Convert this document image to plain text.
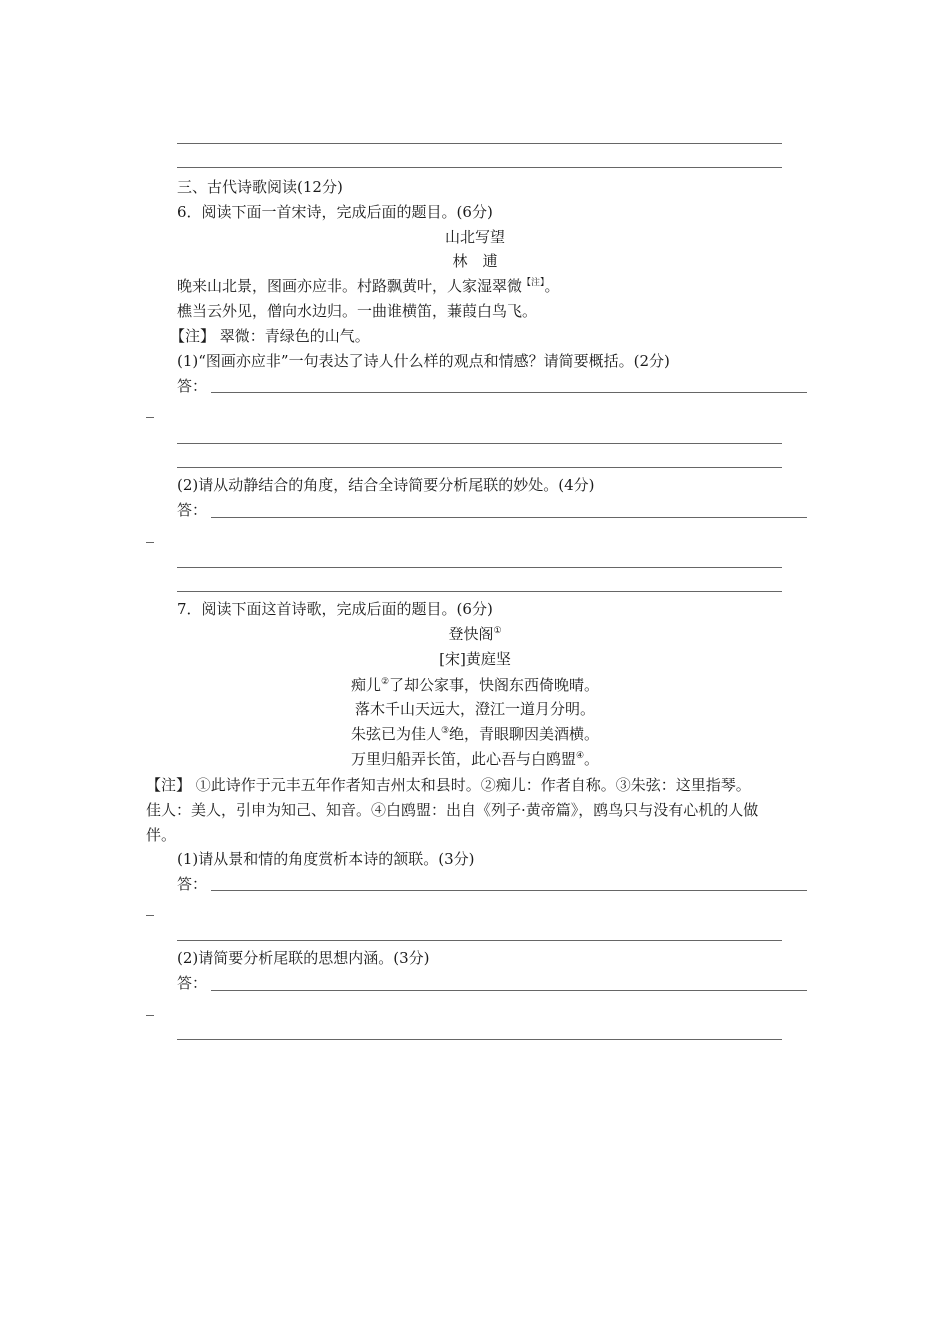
三、古代诗歌阅读(12分)
6．阅读下面一首宋诗，完成后面的题目。(6分)
山北写望
林　逋
晚来山北景，图画亦应非。村路飘黄叶，人家湿翠微$^{【注】}$。
樵当云外见，僧向水边归。一曲谁横笛，蒹葭白鸟飞。
【注】 翠微：青绿色的山气。
(1)“图画亦应非”一句表达了诗人什么样的观点和情感？请简要概括。(2分)
答：
(2)请从动静结合的角度，结合全诗简要分析尾联的妙处。(4分)
答：
7．阅读下面这首诗歌，完成后面的题目。(6分)
登快阁①
[宋]黄庭坚
痴儿②了却公家事，快阁东西倚晚晴。
落木千山天远大，澄江一道月分明。
朱弦已为佳人③绝，青眼聊因美酒横。
万里归船弄长笛，此心吾与白鸥盟④。
【注】 ①此诗作于元丰五年作者知吉州太和县时。②痴儿：作者自称。③朱弦：这里指琴。
佳人：美人，引申为知己、知音。④白鸥盟：出自《列子·黄帝篇》，鸥鸟只与没有心机的人做
伴。
(1)请从景和情的角度赏析本诗的颔联。(3分)
答：
(2)请简要分析尾联的思想内涵。(3分)
答：
